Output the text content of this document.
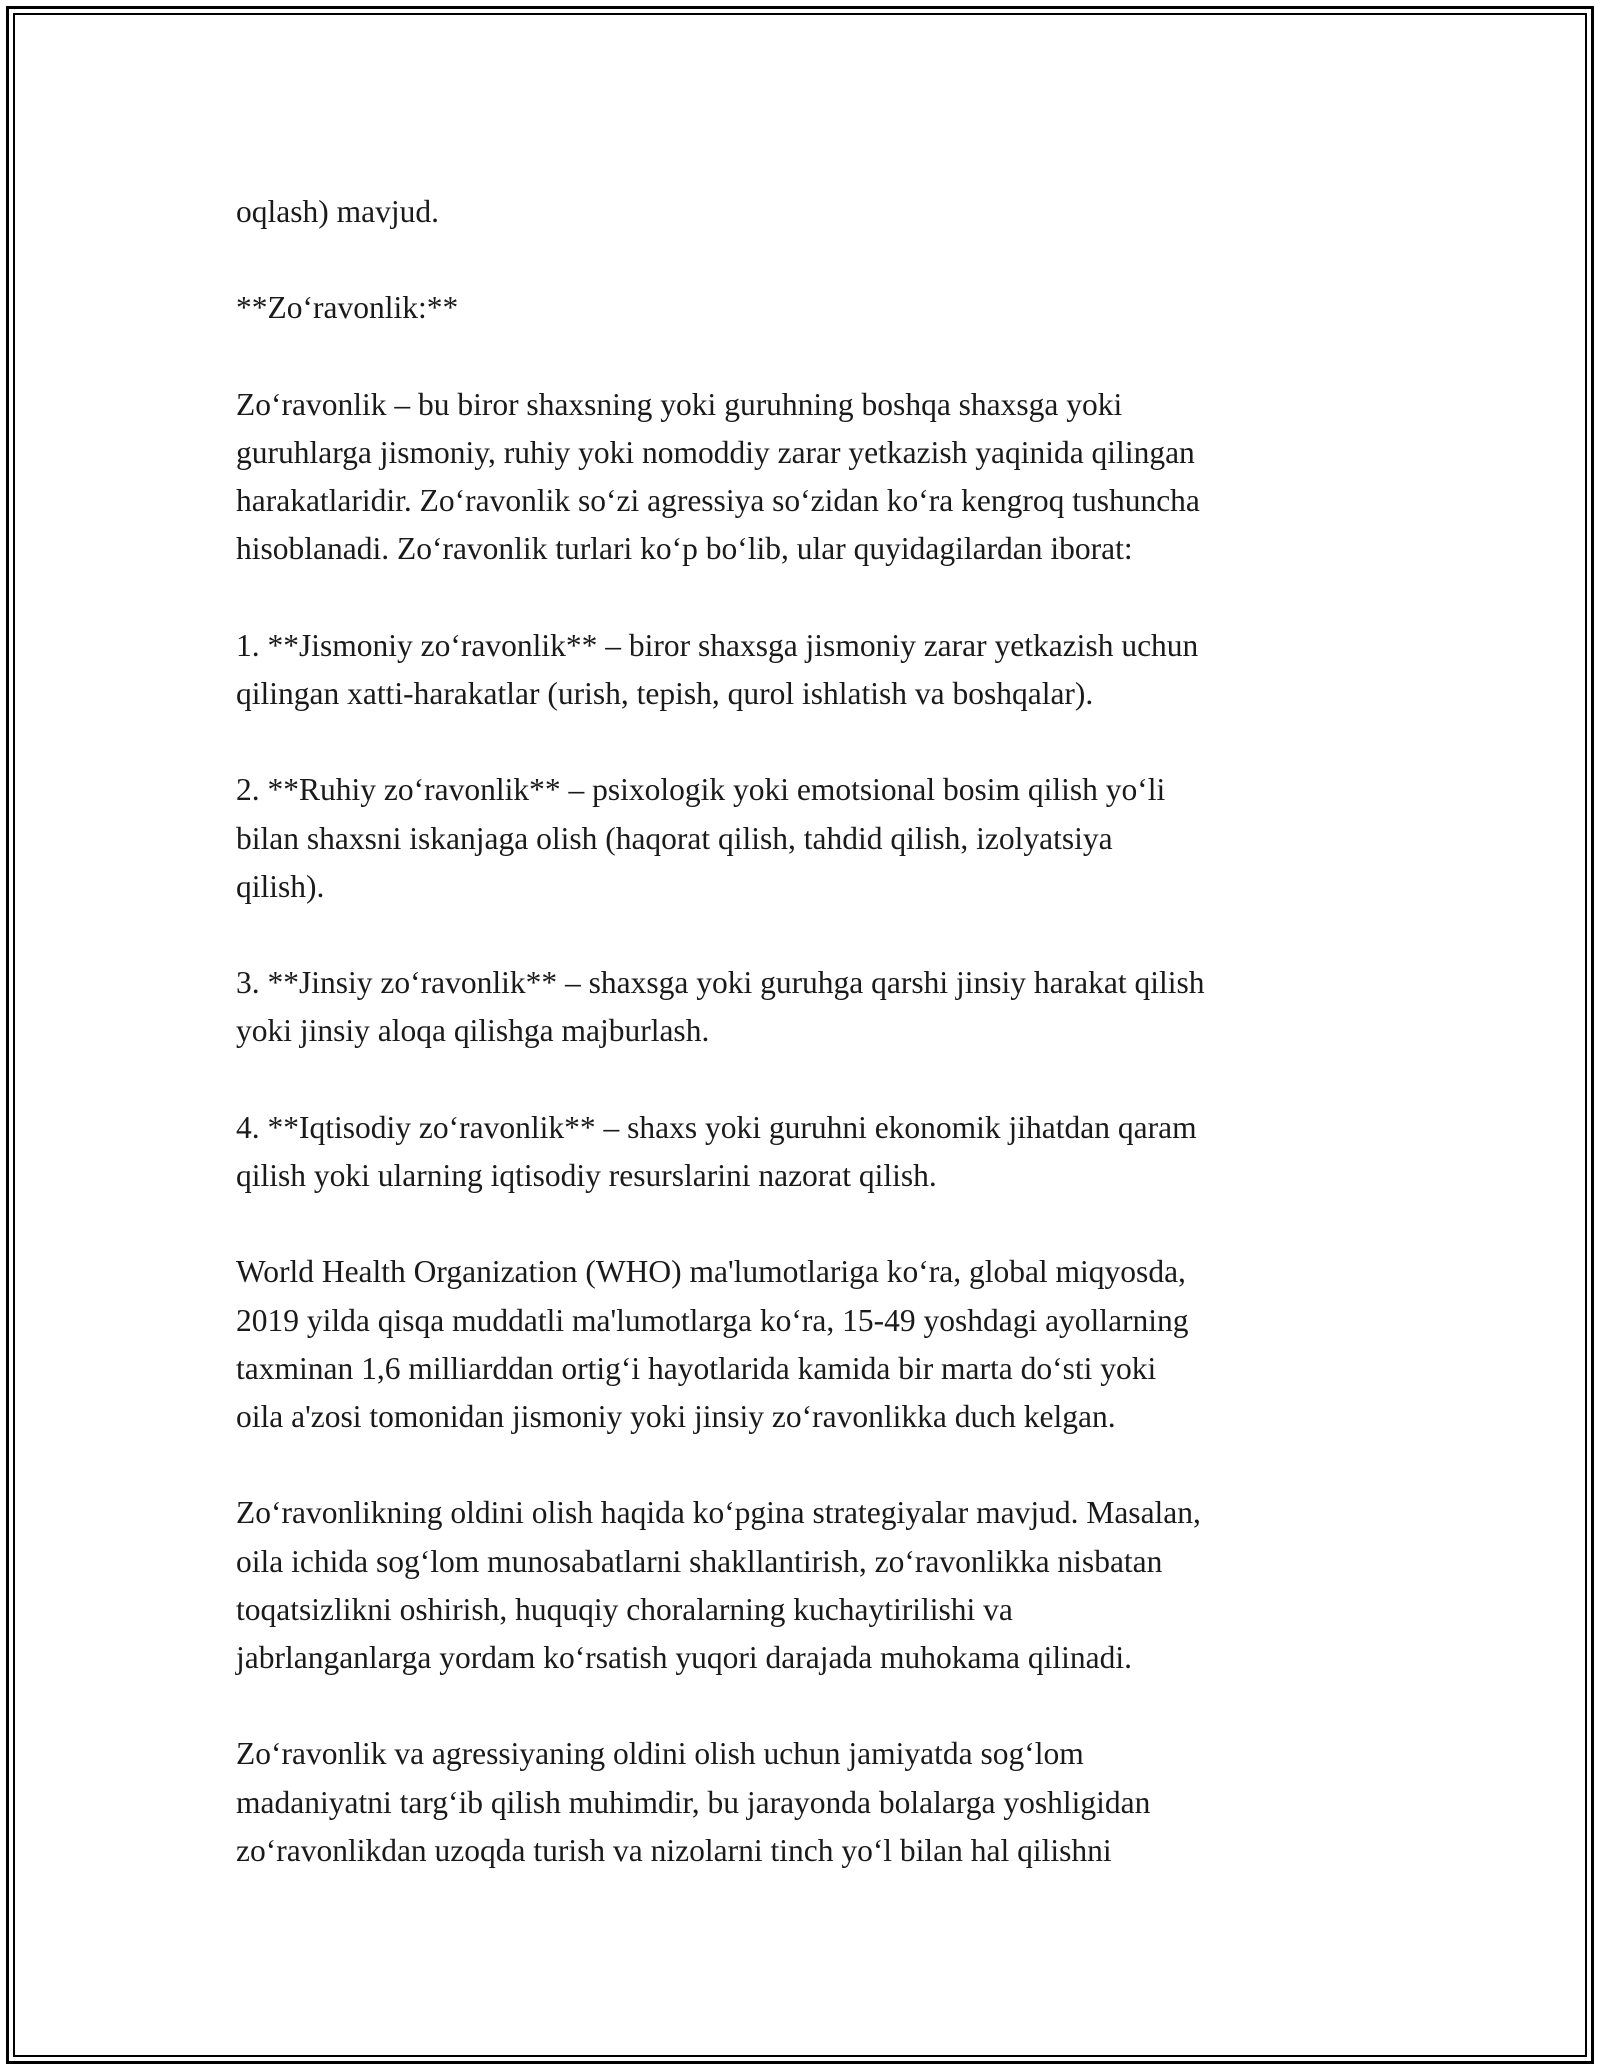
oqlash) mavjud.

**Zo‘ravonlik:**

Zo‘ravonlik – bu biror shaxsning yoki guruhning boshqa shaxsga yoki
guruhlarga jismoniy, ruhiy yoki nomoddiy zarar yetkazish yaqinida qilingan
harakatlaridir. Zo‘ravonlik so‘zi agressiya so‘zidan ko‘ra kengroq tushuncha
hisoblanadi. Zo‘ravonlik turlari ko‘p bo‘lib, ular quyidagilardan iborat:

1. **Jismoniy zo‘ravonlik** – biror shaxsga jismoniy zarar yetkazish uchun
qilingan xatti-harakatlar (urish, tepish, qurol ishlatish va boshqalar).

2. **Ruhiy zo‘ravonlik** – psixologik yoki emotsional bosim qilish yo‘li
bilan shaxsni iskanjaga olish (haqorat qilish, tahdid qilish, izolyatsiya
qilish).

3. **Jinsiy zo‘ravonlik** – shaxsga yoki guruhga qarshi jinsiy harakat qilish
yoki jinsiy aloqa qilishga majburlash.

4. **Iqtisodiy zo‘ravonlik** – shaxs yoki guruhni ekonomik jihatdan qaram
qilish yoki ularning iqtisodiy resurslarini nazorat qilish.

World Health Organization (WHO) ma'lumotlariga ko‘ra, global miqyosda,
2019 yilda qisqa muddatli ma'lumotlarga ko‘ra, 15-49 yoshdagi ayollarning
taxminan 1,6 milliarddan ortig‘i hayotlarida kamida bir marta do‘sti yoki
oila a'zosi tomonidan jismoniy yoki jinsiy zo‘ravonlikka duch kelgan.

Zo‘ravonlikning oldini olish haqida ko‘pgina strategiyalar mavjud. Masalan,
oila ichida sog‘lom munosabatlarni shakllantirish, zo‘ravonlikka nisbatan
toqatsizlikni oshirish, huquqiy choralarning kuchaytirilishi va
jabrlanganlarga yordam ko‘rsatish yuqori darajada muhokama qilinadi.

Zo‘ravonlik va agressiyaning oldini olish uchun jamiyatda sog‘lom
madaniyatni targ‘ib qilish muhimdir, bu jarayonda bolalarga yoshligidan
zo‘ravonlikdan uzoqda turish va nizolarni tinch yo‘l bilan hal qilishni
